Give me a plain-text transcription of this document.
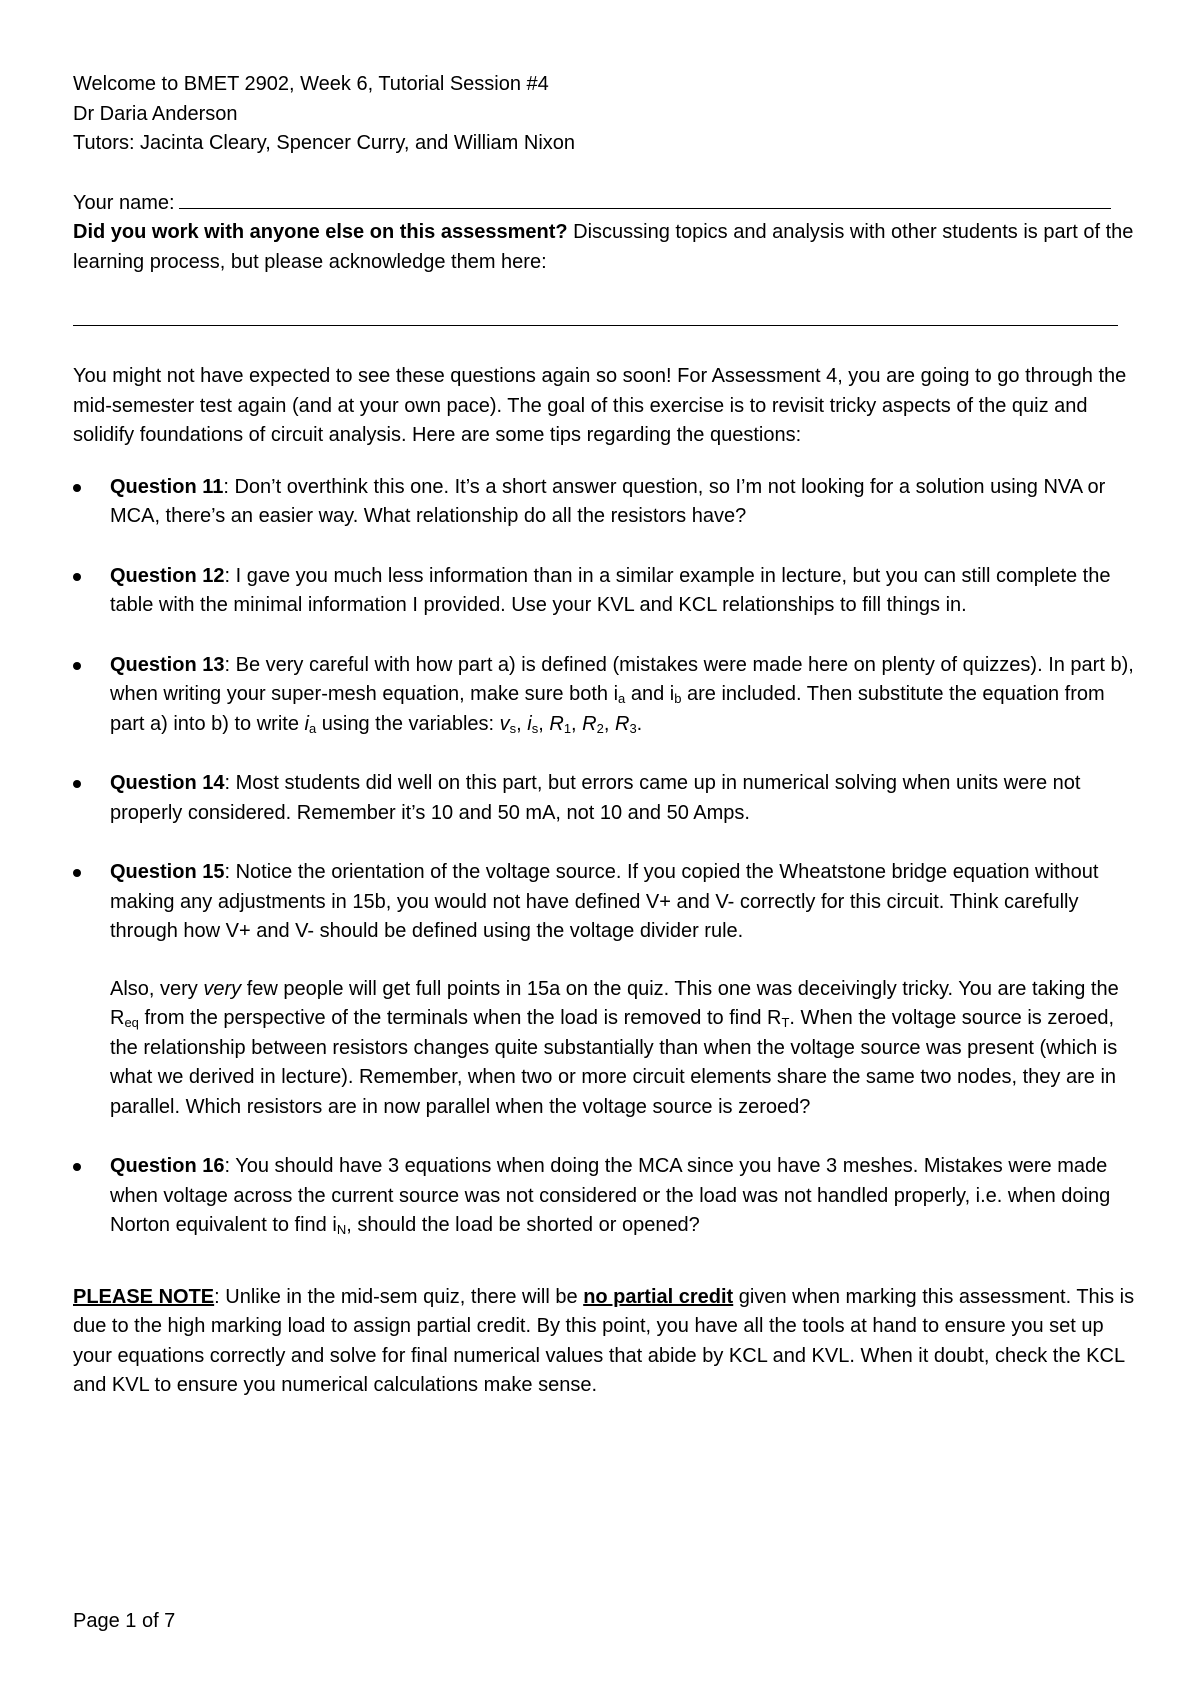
Welcome to BMET 2902, Week 6, Tutorial Session #4

Dr Daria Anderson

Tutors: Jacinta Cleary, Spencer Curry, and William Nixon

Your name:

Did you work with anyone else on this assessment? Discussing topics and analysis with other students is part of the learning process, but please acknowledge them here:

You might not have expected to see these questions again so soon! For Assessment 4, you are going to go through the mid-semester test again (and at your own pace). The goal of this exercise is to revisit tricky aspects of the quiz and solidify foundations of circuit analysis. Here are some tips regarding the questions:

Question 11: Don’t overthink this one. It’s a short answer question, so I’m not looking for a solution using NVA or MCA, there’s an easier way. What relationship do all the resistors have?

Question 12: I gave you much less information than in a similar example in lecture, but you can still complete the table with the minimal information I provided. Use your KVL and KCL relationships to fill things in.

Question 13: Be very careful with how part a) is defined (mistakes were made here on plenty of quizzes). In part b), when writing your super-mesh equation, make sure both $i_a$ and $i_b$ are included. Then substitute the equation from part a) into b) to write $i_a$ using the variables: $v_s$, $i_s$, $R_1$, $R_2$, $R_3$.

Question 14: Most students did well on this part, but errors came up in numerical solving when units were not properly considered. Remember it’s 10 and 50 mA, not 10 and 50 Amps.

Question 15: Notice the orientation of the voltage source. If you copied the Wheatstone bridge equation without making any adjustments in 15b, you would not have defined V+ and V- correctly for this circuit. Think carefully through how V+ and V- should be defined using the voltage divider rule.

Also, very very few people will get full points in 15a on the quiz. This one was deceivingly tricky. You are taking the $R_{eq}$ from the perspective of the terminals when the load is removed to find $R_T$. When the voltage source is zeroed, the relationship between resistors changes quite substantially than when the voltage source was present (which is what we derived in lecture). Remember, when two or more circuit elements share the same two nodes, they are in parallel. Which resistors are in now parallel when the voltage source is zeroed?

Question 16: You should have 3 equations when doing the MCA since you have 3 meshes. Mistakes were made when voltage across the current source was not considered or the load was not handled properly, i.e. when doing Norton equivalent to find $i_N$, should the load be shorted or opened?

PLEASE NOTE: Unlike in the mid-sem quiz, there will be no partial credit given when marking this assessment. This is due to the high marking load to assign partial credit. By this point, you have all the tools at hand to ensure you set up your equations correctly and solve for final numerical values that abide by KCL and KVL. When it doubt, check the KCL and KVL to ensure you numerical calculations make sense.

Page 1 of 7
